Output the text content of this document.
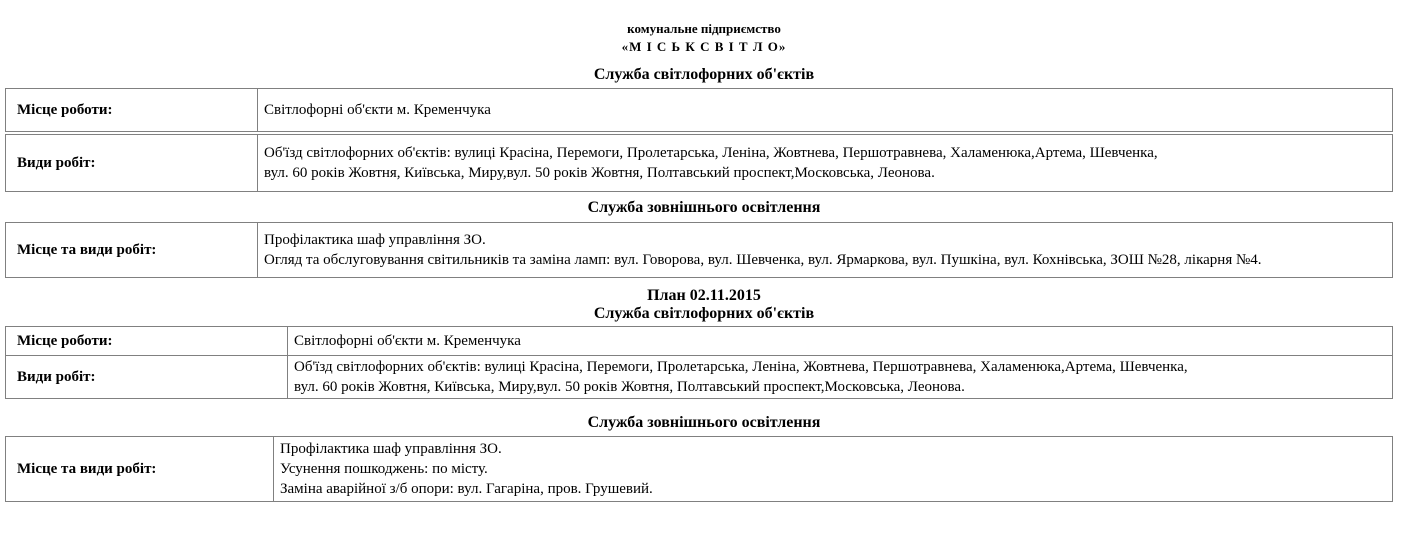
комунальне підприємство
«М І С Ь К С В І Т Л О»
Служба світлофорних об'єктів
Місце роботи:	Світлофорні об'єкти м. Кременчука
Види робіт:	
Об'їзд світлофорних об'єктів: вулиці Красіна, Перемоги, Пролетарська, Леніна, Жовтнева, Першотравнева, Халаменюка,Артема, Шевченка,
вул. 60 років Жовтня, Київська, Миру,вул. 50 років Жовтня, Полтавський проспект,Московська, Леонова.
Служба зовнішнього освітлення
Місце та види робіт:	
Профілактика шаф управління ЗО.
Огляд та обслуговування світильників та заміна ламп: вул. Говорова, вул. Шевченка, вул. Ярмаркова, вул. Пушкіна, вул. Кохнівська, ЗОШ №28, лікарня №4.
План 02.11.2015
Служба світлофорних об'єктів
Місце роботи:	Світлофорні об'єкти м. Кременчука
Види робіт:	Об'їзд світлофорних об'єктів: вулиці Красіна, Перемоги, Пролетарська, Леніна, Жовтнева, Першотравнева, Халаменюка,Артема, Шевченка,
вул. 60 років Жовтня, Київська, Миру,вул. 50 років Жовтня, Полтавський проспект,Московська, Леонова.
Служба зовнішнього освітлення
Місце та види робіт:	
Профілактика шаф управління ЗО.
Усунення пошкоджень: по місту.
Заміна аварійної з/б опори: вул. Гагаріна, пров. Грушевий.
